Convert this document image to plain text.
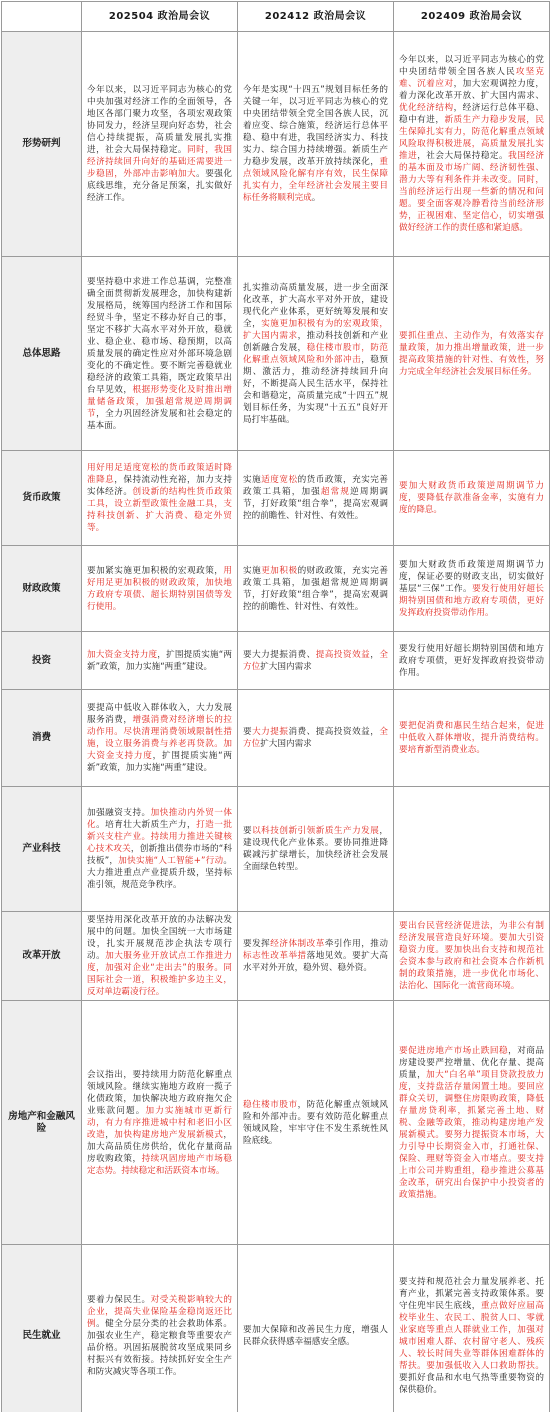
	202504 政治局会议	202412 政治局会议	202409 政治局会议
形势研判	今年以来，以习近平同志为核心的党中央加强对经济工作的全面领导，各地区各部门聚力攻坚，各项宏观政策协同发力，经济呈现向好态势，社会信心持续提振，高质量发展扎实推进，社会大局保持稳定。同时，我国经济持续回升向好的基础还需要进一步稳固，外部冲击影响加大。要强化底线思维，充分备足预案，扎实做好经济工作。	今年是实现“十四五”规划目标任务的关键一年，以习近平同志为核心的党中央团结带领全党全国各族人民，沉着应变、综合施策，经济运行总体平稳、稳中有进，我国经济实力、科技实力、综合国力持续增强。新质生产力稳步发展，改革开放持续深化，重点领域风险化解有序有效，民生保障扎实有力，全年经济社会发展主要目标任务将顺利完成。	今年以来，以习近平同志为核心的党中央团结带领全国各族人民攻坚克难、沉着应对，加大宏观调控力度，着力深化改革开放、扩大国内需求、优化经济结构，经济运行总体平稳、稳中有进，新质生产力稳步发展，民生保障扎实有力，防范化解重点领域风险取得积极进展，高质量发展扎实推进，社会大局保持稳定。我国经济的基本面及市场广阔、经济韧性强、潜力大等有利条件并未改变。同时，当前经济运行出现一些新的情况和问题。要全面客观冷静看待当前经济形势，正视困难、坚定信心，切实增强做好经济工作的责任感和紧迫感。
总体思路	要坚持稳中求进工作总基调，完整准确全面贯彻新发展理念，加快构建新发展格局，统筹国内经济工作和国际经贸斗争，坚定不移办好自己的事，坚定不移扩大高水平对外开放，稳就业、稳企业、稳市场、稳预期，以高质量发展的确定性应对外部环境急剧变化的不确定性。要不断完善稳就业稳经济的政策工具箱，既定政策早出台早见效，根据形势变化及时推出增量储备政策，加强超常规逆周期调节，全力巩固经济发展和社会稳定的基本面。	扎实推动高质量发展，进一步全面深化改革，扩大高水平对外开放，建设现代化产业体系，更好统筹发展和安全，实施更加积极有为的宏观政策，扩大国内需求，推动科技创新和产业创新融合发展，稳住楼市股市，防范化解重点领域风险和外部冲击，稳预期、激活力，推动经济持续回升向好，不断提高人民生活水平，保持社会和谐稳定，高质量完成“十四五”规划目标任务，为实现“十五五”良好开局打牢基础。	要抓住重点、主动作为，有效落实存量政策，加力推出增量政策，进一步提高政策措施的针对性、有效性，努力完成全年经济社会发展目标任务。
货币政策	用好用足适度宽松的货币政策适时降准降息，保持流动性充裕，加力支持实体经济。创设新的结构性货币政策工具，设立新型政策性金融工具，支持科技创新、扩大消费、稳定外贸等。	实施适度宽松的货币政策，充实完善政策工具箱，加强超常规逆周期调节，打好政策“组合拳”，提高宏观调控的前瞻性、针对性、有效性。	要加大财政货币政策逆周期调节力度，要降低存款准备金率，实施有力度的降息。
财政政策	要加紧实施更加积极的宏观政策，用好用足更加积极的财政政策，加快地方政府专项债、超长期特别国债等发行使用。	实施更加积极的财政政策，充实完善政策工具箱，加强超常规逆周期调节，打好政策“组合拳”，提高宏观调控的前瞻性、针对性、有效性。	要加大财政货币政策逆周期调节力度，保证必要的财政支出，切实做好基层“三保”工作。要发行使用好超长期特别国债和地方政府专项债，更好发挥政府投资带动作用。
投资	加大资金支持力度，扩围提质实施“两新”政策，加力实施“两重”建设。	要大力提振消费、提高投资效益，全方位扩大国内需求	要发行使用好超长期特别国债和地方政府专项债，更好发挥政府投资带动作用。
消费	要提高中低收入群体收入，大力发展服务消费，增强消费对经济增长的拉动作用。尽快清理消费领域限制性措施，设立服务消费与养老再贷款。加大资金支持力度，扩围提质实施“两新”政策，加力实施“两重”建设。	要大力提振消费、提高投资效益，全方位扩大国内需求	要把促消费和惠民生结合起来，促进中低收入群体增收，提升消费结构。要培育新型消费业态。
产业科技	加强融资支持。加快推动内外贸一体化。培育壮大新质生产力，打造一批新兴支柱产业。持续用力推进关键核心技术攻关，创新推出债券市场的“科技板”，加快实施“人工智能+”行动。大力推进重点产业提质升级，坚持标准引领，规范竞争秩序。	要以科技创新引领新质生产力发展，建设现代化产业体系。要协同推进降碳减污扩绿增长，加快经济社会发展全面绿色转型。	
改革开放	要坚持用深化改革开放的办法解决发展中的问题。加快全国统一大市场建设，扎实开展规范涉企执法专项行动。加大服务业开放试点工作推进力度，加强对企业“走出去”的服务。同国际社会一道，积极维护多边主义，反对单边霸凌行径。	要发挥经济体制改革牵引作用，推动标志性改革举措落地见效。要扩大高水平对外开放，稳外贸、稳外资。	要出台民营经济促进法，为非公有制经济发展营造良好环境。要加大引资稳资力度。要加快出台支持和规范社会资本参与政府和社会资本合作新机制的政策措施，进一步优化市场化、法治化、国际化一流营商环境。
房地产和金融风险	会议指出，要持续用力防范化解重点领域风险。继续实施地方政府一揽子化债政策，加快解决地方政府拖欠企业账款问题。加力实施城市更新行动，有力有序推进城中村和老旧小区改造，加快构建房地产发展新模式，加大高品质住房供给，优化存量商品房收购政策，持续巩固房地产市场稳定态势。持续稳定和活跃资本市场。	稳住楼市股市，防范化解重点领域风险和外部冲击。要有效防范化解重点领域风险，牢牢守住不发生系统性风险底线。	要促进房地产市场止跌回稳，对商品房建设要严控增量、优化存量、提高质量，加大“白名单”项目贷款投放力度，支持盘活存量闲置土地。要回应群众关切，调整住房限购政策，降低存量房贷利率，抓紧完善土地、财税、金融等政策，推动构建房地产发展新模式。要努力提振资本市场，大力引导中长期资金入市，打通社保、保险、理财等资金入市堵点。要支持上市公司并购重组，稳步推进公募基金改革，研究出台保护中小投资者的政策措施。
民生就业	要着力保民生。对受关税影响较大的企业，提高失业保险基金稳岗返还比例。健全分层分类的社会救助体系。加强农业生产，稳定粮食等重要农产品价格。巩固拓展脱贫攻坚成果同乡村振兴有效衔接。持续抓好安全生产和防灾减灾等各项工作。	要加大保障和改善民生力度，增强人民群众获得感幸福感安全感。	要支持和规范社会力量发展养老、托育产业，抓紧完善支持政策体系。要守住兜牢民生底线，重点做好应届高校毕业生、农民工、脱贫人口、零就业家庭等重点人群就业工作，加强对城市困难人群、农村留守老人、残疾人、较长时间失业等群体困难群体的帮扶。要加强低收入人口救助帮扶。要抓好食品和水电气热等重要物资的保供稳价。
